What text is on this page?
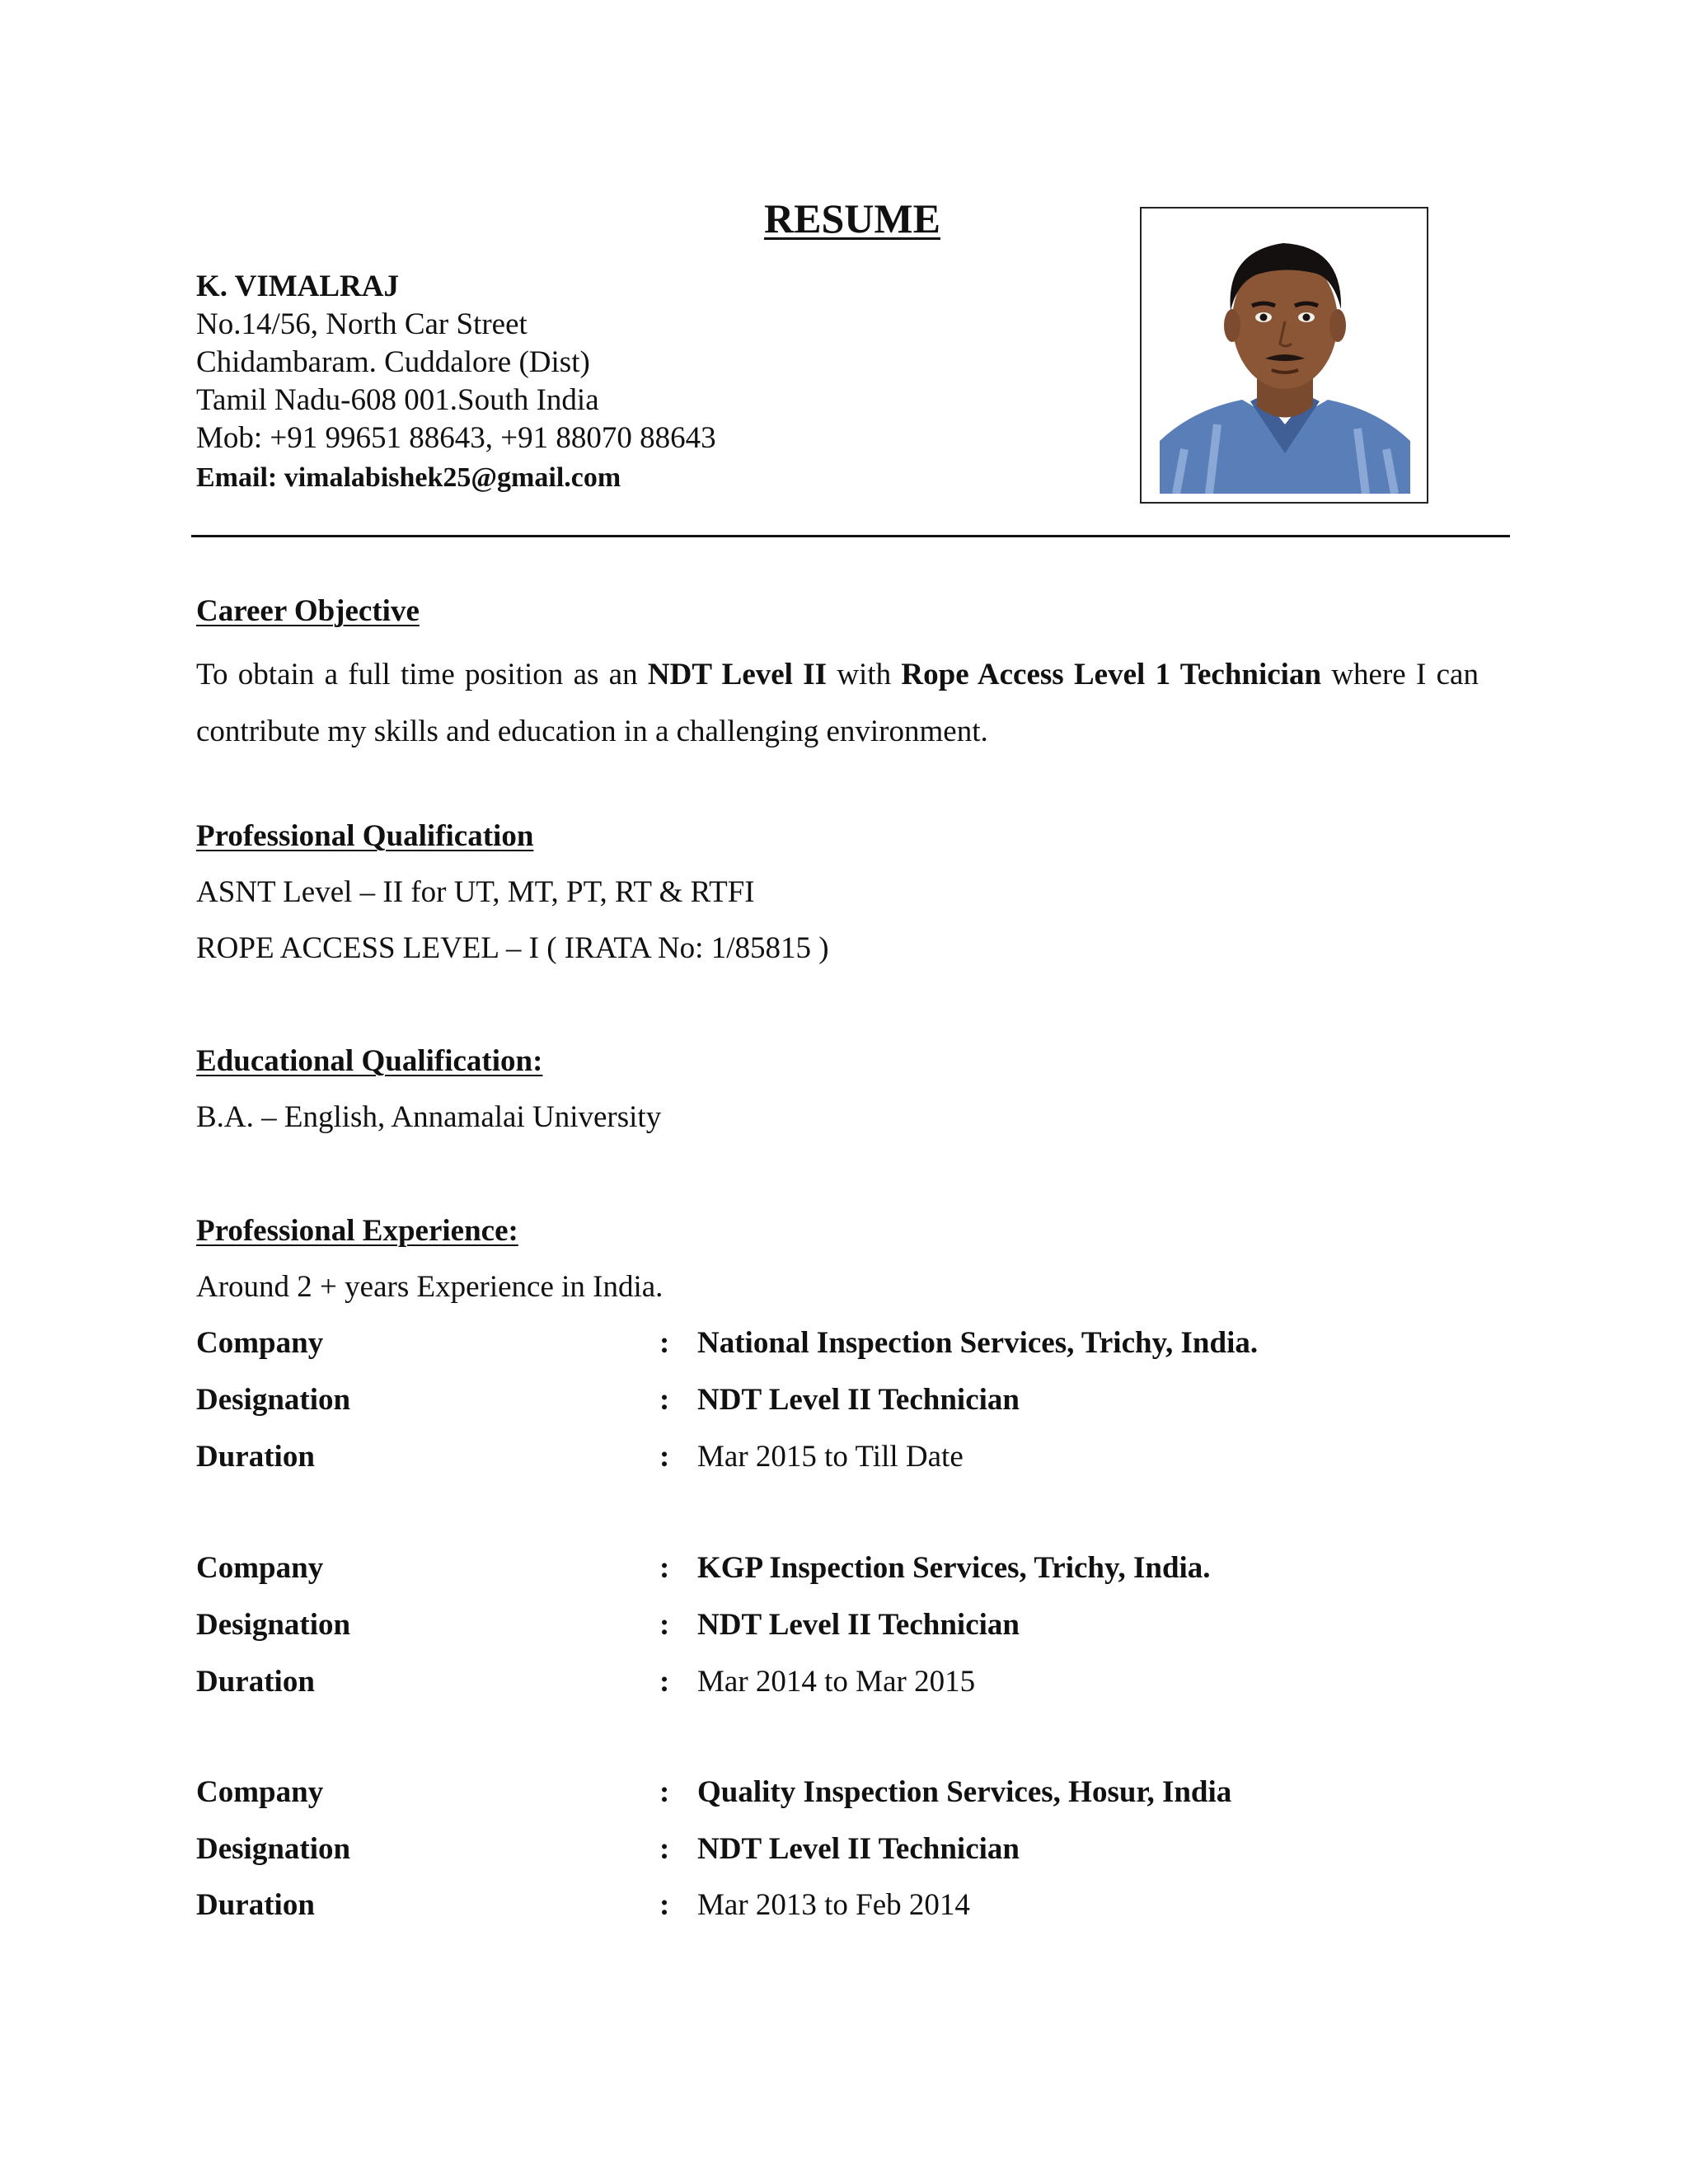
RESUME
K. VIMALRAJ
No.14/56, North Car Street
Chidambaram. Cuddalore (Dist)
Tamil Nadu-608 001.South India
Mob: +91 99651 88643, +91 88070 88643
Email: vimalabishek25@gmail.com
Career Objective
To obtain a full time position as an NDT Level II with Rope Access Level 1 Technician where I can contribute my skills and education in a challenging environment.
Professional Qualification
ASNT Level – II for UT, MT, PT, RT & RTFI
ROPE ACCESS LEVEL – I ( IRATA No: 1/85815 )
Educational Qualification:
B.A. – English, Annamalai University
Professional Experience:
Around 2 + years Experience in India.
Company	: National Inspection Services, Trichy, India.
Designation	: NDT Level II Technician
Duration	: Mar 2015 to Till Date
Company	: KGP Inspection Services, Trichy, India.
Designation	: NDT Level II Technician
Duration	: Mar 2014 to Mar 2015
Company	: Quality Inspection Services, Hosur, India
Designation	: NDT Level II Technician
Duration	: Mar 2013 to Feb 2014
